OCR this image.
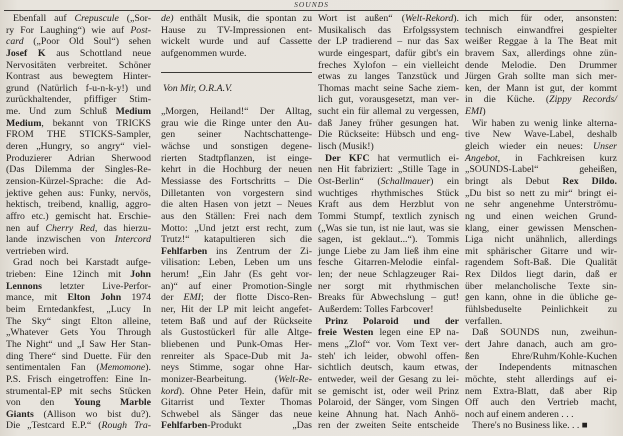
SOUNDS
Ebenfall auf Crepuscule („Sor-
ry For Laughing“) wie auf Post-
card („Poor Old Soul“) sehen
Josef K aus Schottland neue
Nervositäten verbreitet. Schöner
Kontrast aus bewegtem Hinter-
grund (Natürlich f-u-n-k-y!) und
zurückhaltender, pfiffiger Stim-
me. Und zum Schluß Medium
Medium, bekannt von TRICKS
FROM THE STICKS-Sampler,
deren „Hungry, so angry“ viel-
Produzierer Adrian Sherwood
(Das Dilemma der Singles-Re-
zension-Kürzel-Sprache: die Ad-
jektive gehen aus: Funky, nervös,
hektisch, treibend, knallig, aggro-
affro etc.) gemischt hat. Erschie-
nen auf Cherry Red, das hierzu-
lande inzwischen von Intercord
vertrieben wird.
Grad noch bei Karstadt aufge-
trieben: Eine 12inch mit John
Lennons letzter Live-Perfor-
mance, mit Elton John 1974
beim Erntedankfest, „Lucy In
The Sky“ singt Elton alleine,
„Whatever Gets You Through
The Night“ und „I Saw Her Stan-
ding There“ sind Duette. Für den
sentimentalen Fan (Memomone).
P.S. Frisch eingetroffen: Eine In-
strumental-EP mit sechs Stücken
von den Young Marble
Giants (Allison wo bist du?).
Die „Testcard E.P.“ (Rough Tra-
de) enthält Musik, die spontan zu
Hause zu TV-Impressionen ent-
wickelt wurde und auf Cassette
aufgenommen wurde.
Von Mir, O.R.A.V.
„Morgen, Heiland!“ Der Alltag,
grau wie die Ringe unter den Au-
gen seiner Nachtschattenge-
wächse und sonstigen degene-
rierten Stadtpflanzen, ist einge-
kehrt in die Hochburg der neuen
Messiasse des Fortschritts – Die
Dilletanten von vorgestern sind
die alten Hasen von jetzt – Neues
aus den Ställen: Frei nach dem
Motto: „Und jetzt erst recht, zum
Trutz!“ katapultieren sich die
Fehlfarben ins Zentrum der Zi-
vilisation: Leben, Leben um uns
herum! „Ein Jahr (Es geht vor-
an)“ auf einer Promotion-Single
der EMI; der flotte Disco-Ren-
ner, Hit der LP mit leicht angefet-
tetem Baß und auf der Rückseite
als Gustostückerl für alle Altge-
bliebenen und Punk-Omas Her-
renreiter als Space-Dub mit Ja-
neys Stimme, sogar ohne Har-
monizer-Bearbeitung. (Welt-Re-
kord). Ohne Peter Hein, dafür mit
Gitarrist und Texter Thomas
Schwebel als Sänger das neue
Fehlfarben-Produkt „Das
Wort ist außen“ (Welt-Rekord).
Musikalisch das Erfolgssystem
der LP tradierend – nur das Sax
wurde eingespart, dafür gibt's ein
freches Xylofon – ein vielleicht
etwas zu langes Tanzstück und
Thomas macht seine Sache ziem-
lich gut, vorausgesetzt, man ver-
sucht ein für allemal zu vergessen,
daß Janey früher gesungen hat.
Die Rückseite: Hübsch und eng-
lisch (Musik!)
Der KFC hat vermutlich ei-
nen Hit fabriziert: „Stille Tage in
Ost-Berlin“ (Schallmauer) ein
wuchtiges rhythmisches Stück
Kraft aus dem Herzblut von
Tommi Stumpf, textlich zynisch
(„Was sie tun, ist nie laut, was sie
sagen, ist geklaut...“). Tommis
junge Liebe zu Jam ließ ihm eine
fesche Gitarren-Melodie einfal-
len; der neue Schlagzeuger Rai-
ner sorgt mit rhythmischen
Breaks für Abwechslung – gut!
Außerdem: Tolles Farbcover!
Prinz Polaroid und der
freie Westen legen eine EP na-
mens „Zlof“ vor. Vom Text ver-
steh' ich leider, obwohl offen-
sichtlich deutsch, kaum etwas,
entweder, weil der Gesang zu lei-
se gemischt ist, oder weil Prinz
Polaroid, der Sänger, vom Singen
keine Ahnung hat. Nach Anhö-
ren der zweiten Seite entscheide
ich mich für oder, ansonsten:
technisch einwandfrei gespielter
weißer Reggae à la The Beat mit
bravem Sax, allerdings ohne zün-
dende Melodie. Den Drummer
Jürgen Grah sollte man sich mer-
ken, der Mann ist gut, der kommt
in die Küche. (Zippy Records/
EMI)
Wir haben zu wenig linke alterna-
tive New Wave-Label, deshalb
gleich wieder ein neues: Unser
Angebot, in Fachkreisen kurz
„SOUNDS-Label“ geheißen,
bringt als Debut Rex Dildo.
„Du bist so nett zu mir“ bringt ei-
ne sehr angenehme Unterströmu-
ng und einen weichen Grund-
klang, einer gewissen Menschen-
Liga nicht unähnlich, allerdings
mit sphärischer Gitarre und wir-
ragendem Soft-Baß. Die Qualität
Rex Dildos liegt darin, daß er
über melancholische Texte sin-
gen kann, ohne in die übliche ge-
fühlsbeduselte Peinlichkeit zu
verfallen.
Daß SOUNDS nun, zweihun-
dert Jahre danach, auch am gro-
ßen Ehre/Ruhm/Kohle-Kuchen
der Independents mitnaschen
möchte, steht allerdings auf ei-
nem Extra-Blatt, daß aber Rip
Off auch den Vertrieb macht,
noch auf einem anderen . . .
There's no Business like. . . ■
